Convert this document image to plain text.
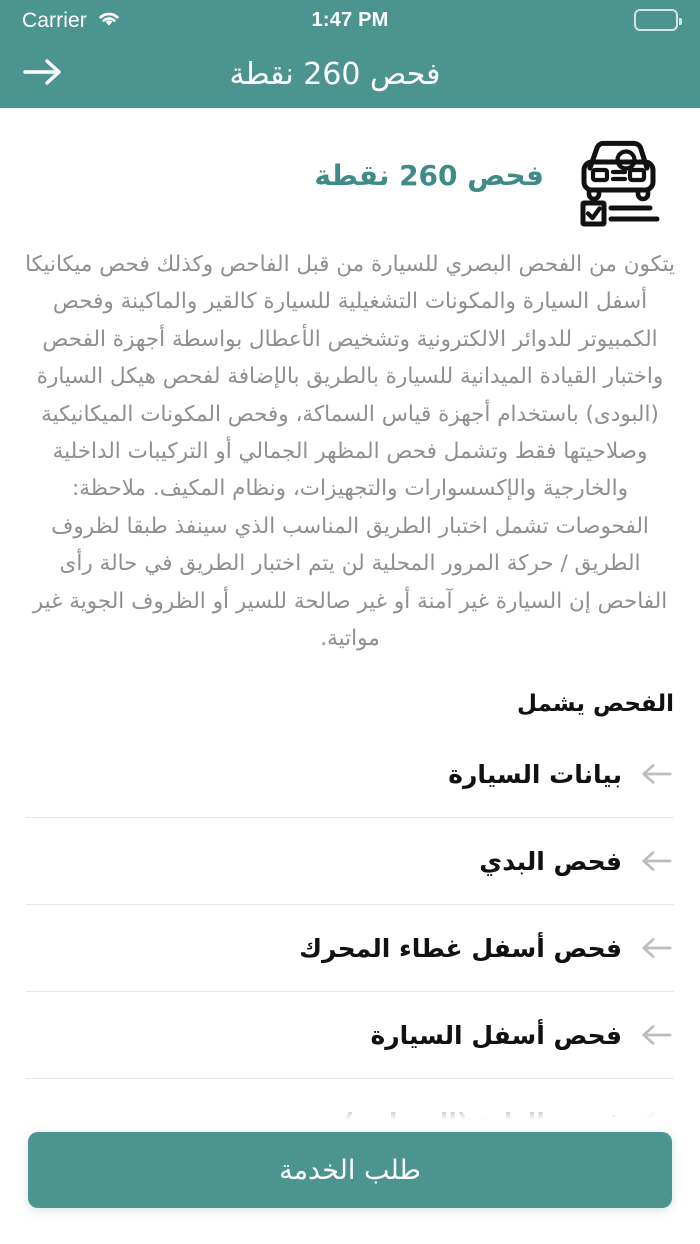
Carrier	1:47 PM
فحص 260 نقطة
فحص 260 نقطة
يتكون من الفحص البصري للسيارة من قبل الفاحص وكذلك فحص ميكانيكا أسفل السيارة والمكونات التشغيلية للسيارة كالقير والماكينة وفحص الكمبيوتر للدوائر الالكترونية وتشخيص الأعطال بواسطة أجهزة الفحص واختبار القيادة الميدانية للسيارة بالطريق بالإضافة لفحص هيكل السيارة (البودى) باستخدام أجهزة قياس السماكة، وفحص المكونات الميكانيكية وصلاحيتها فقط وتشمل فحص المظهر الجمالي أو التركيبات الداخلية والخارجية والإكسسوارات والتجهيزات، ونظام المكيف. ملاحظة: الفحوصات تشمل اختبار الطريق المناسب الذي سينفذ طبقا لظروف الطريق / حركة المرور المحلية لن يتم اختبار الطريق في حالة رأى الفاحص إن السيارة غير آمنة أو غير صالحة للسير أو الظروف الجوية غير مواتية.
الفحص يشمل
بيانات السيارة
فحص البدي
فحص أسفل غطاء المحرك
فحص أسفل السيارة
طلب الخدمة
